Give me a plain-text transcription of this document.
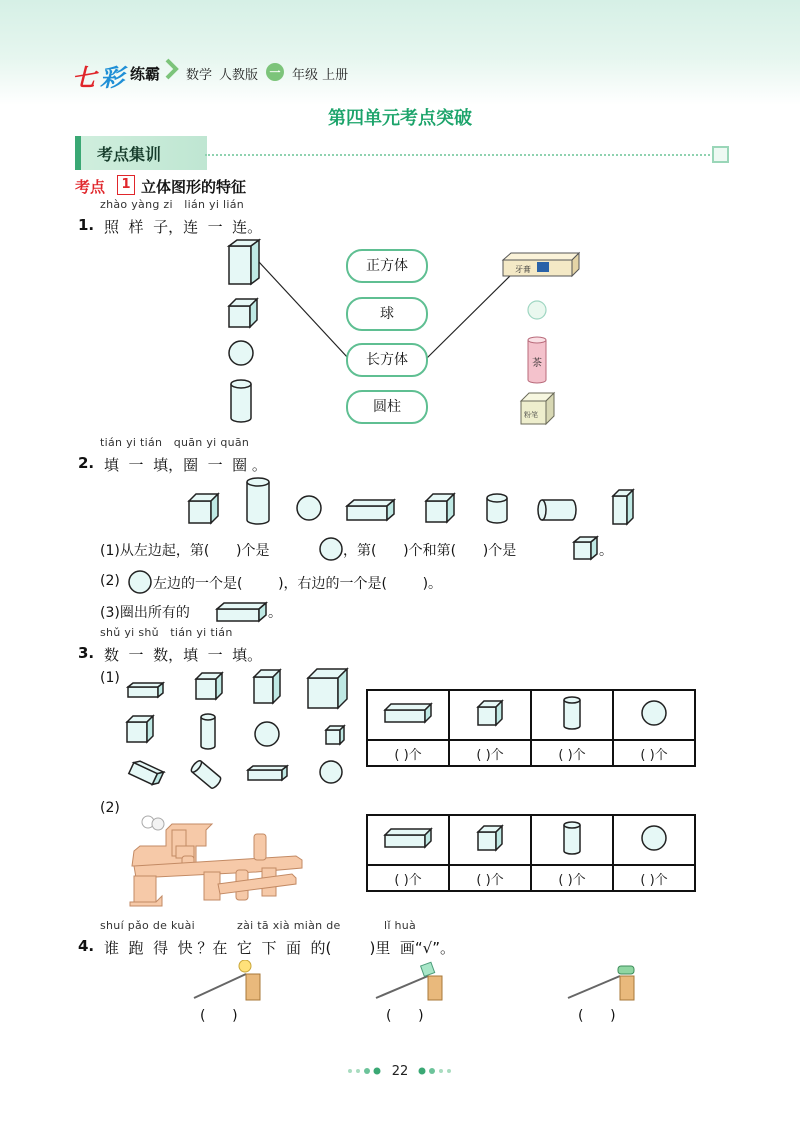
七 彩 练霸 数学 人教版	一 年级 上册
第四单元考点突破
考点集训
考点	1 立体图形的特征
zhào yàng zi   lián yi lián
1. 照  样  子，连  一  连。
牙膏
茶
粉笔
正方体
球
长方体
圆柱
tián yi tián   quān yi quān
2. 填  一  填，圈  一  圈 。
(1)从左边起，第(      )个是	，第(      )个和第(      )个是	。
(2) 左边的一个是(        )，右边的一个是(        )。
(3)圈出所有的	。
shǔ yi shǔ   tián yi tián
3. 数  一  数，填  一  填。
(1)

( )个	( )个	( )个	( )个
(2)

( )个	( )个	( )个	( )个
shuí pǎo de kuài	zài tā xià miàn de	lǐ huà
4. 谁  跑  得  快 ？在  它  下  面  的(        )里  画“√”。
(      )	(      )	(      )
22
